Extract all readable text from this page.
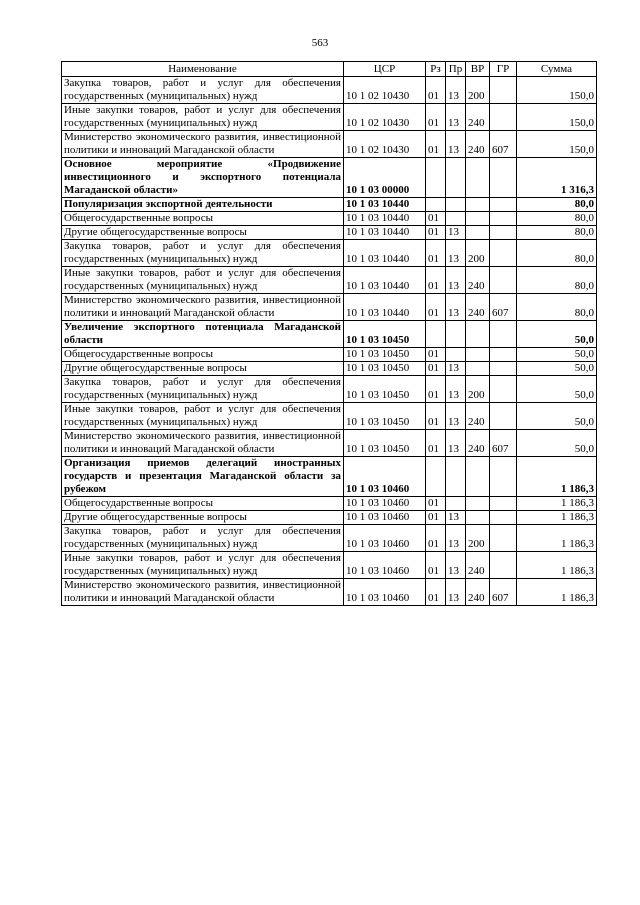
563
Наименование	ЦСР	Рз	Пр	ВР	ГР	Сумма
Закупка товаров, работ и услуг для обеспечения государственных (муниципальных) нужд	10 1 02 10430	01	13	200		150,0
Иные закупки товаров, работ и услуг для обеспечения государственных (муниципальных) нужд	10 1 02 10430	01	13	240		150,0
Министерство экономического развития, инвестиционной политики и инноваций Магаданской области	10 1 02 10430	01	13	240	607	150,0
Основное мероприятие «Продвижение инвестиционного и экспортного потенциала Магаданской области»	10 1 03 00000					1 316,3
Популяризация экспортной деятельности	10 1 03 10440					80,0
Общегосударственные вопросы	10 1 03 10440	01				80,0
Другие общегосударственные вопросы	10 1 03 10440	01	13			80,0
Закупка товаров, работ и услуг для обеспечения государственных (муниципальных) нужд	10 1 03 10440	01	13	200		80,0
Иные закупки товаров, работ и услуг для обеспечения государственных (муниципальных) нужд	10 1 03 10440	01	13	240		80,0
Министерство экономического развития, инвестиционной политики и инноваций Магаданской области	10 1 03 10440	01	13	240	607	80,0
Увеличение экспортного потенциала Магаданской области	10 1 03 10450					50,0
Общегосударственные вопросы	10 1 03 10450	01				50,0
Другие общегосударственные вопросы	10 1 03 10450	01	13			50,0
Закупка товаров, работ и услуг для обеспечения государственных (муниципальных) нужд	10 1 03 10450	01	13	200		50,0
Иные закупки товаров, работ и услуг для обеспечения государственных (муниципальных) нужд	10 1 03 10450	01	13	240		50,0
Министерство экономического развития, инвестиционной политики и инноваций Магаданской области	10 1 03 10450	01	13	240	607	50,0
Организация приемов делегаций иностранных государств и презентация Магаданской области за рубежом	10 1 03 10460					1 186,3
Общегосударственные вопросы	10 1 03 10460	01				1 186,3
Другие общегосударственные вопросы	10 1 03 10460	01	13			1 186,3
Закупка товаров, работ и услуг для обеспечения государственных (муниципальных) нужд	10 1 03 10460	01	13	200		1 186,3
Иные закупки товаров, работ и услуг для обеспечения государственных (муниципальных) нужд	10 1 03 10460	01	13	240		1 186,3
Министерство экономического развития, инвестиционной политики и инноваций Магаданской области	10 1 03 10460	01	13	240	607	1 186,3
